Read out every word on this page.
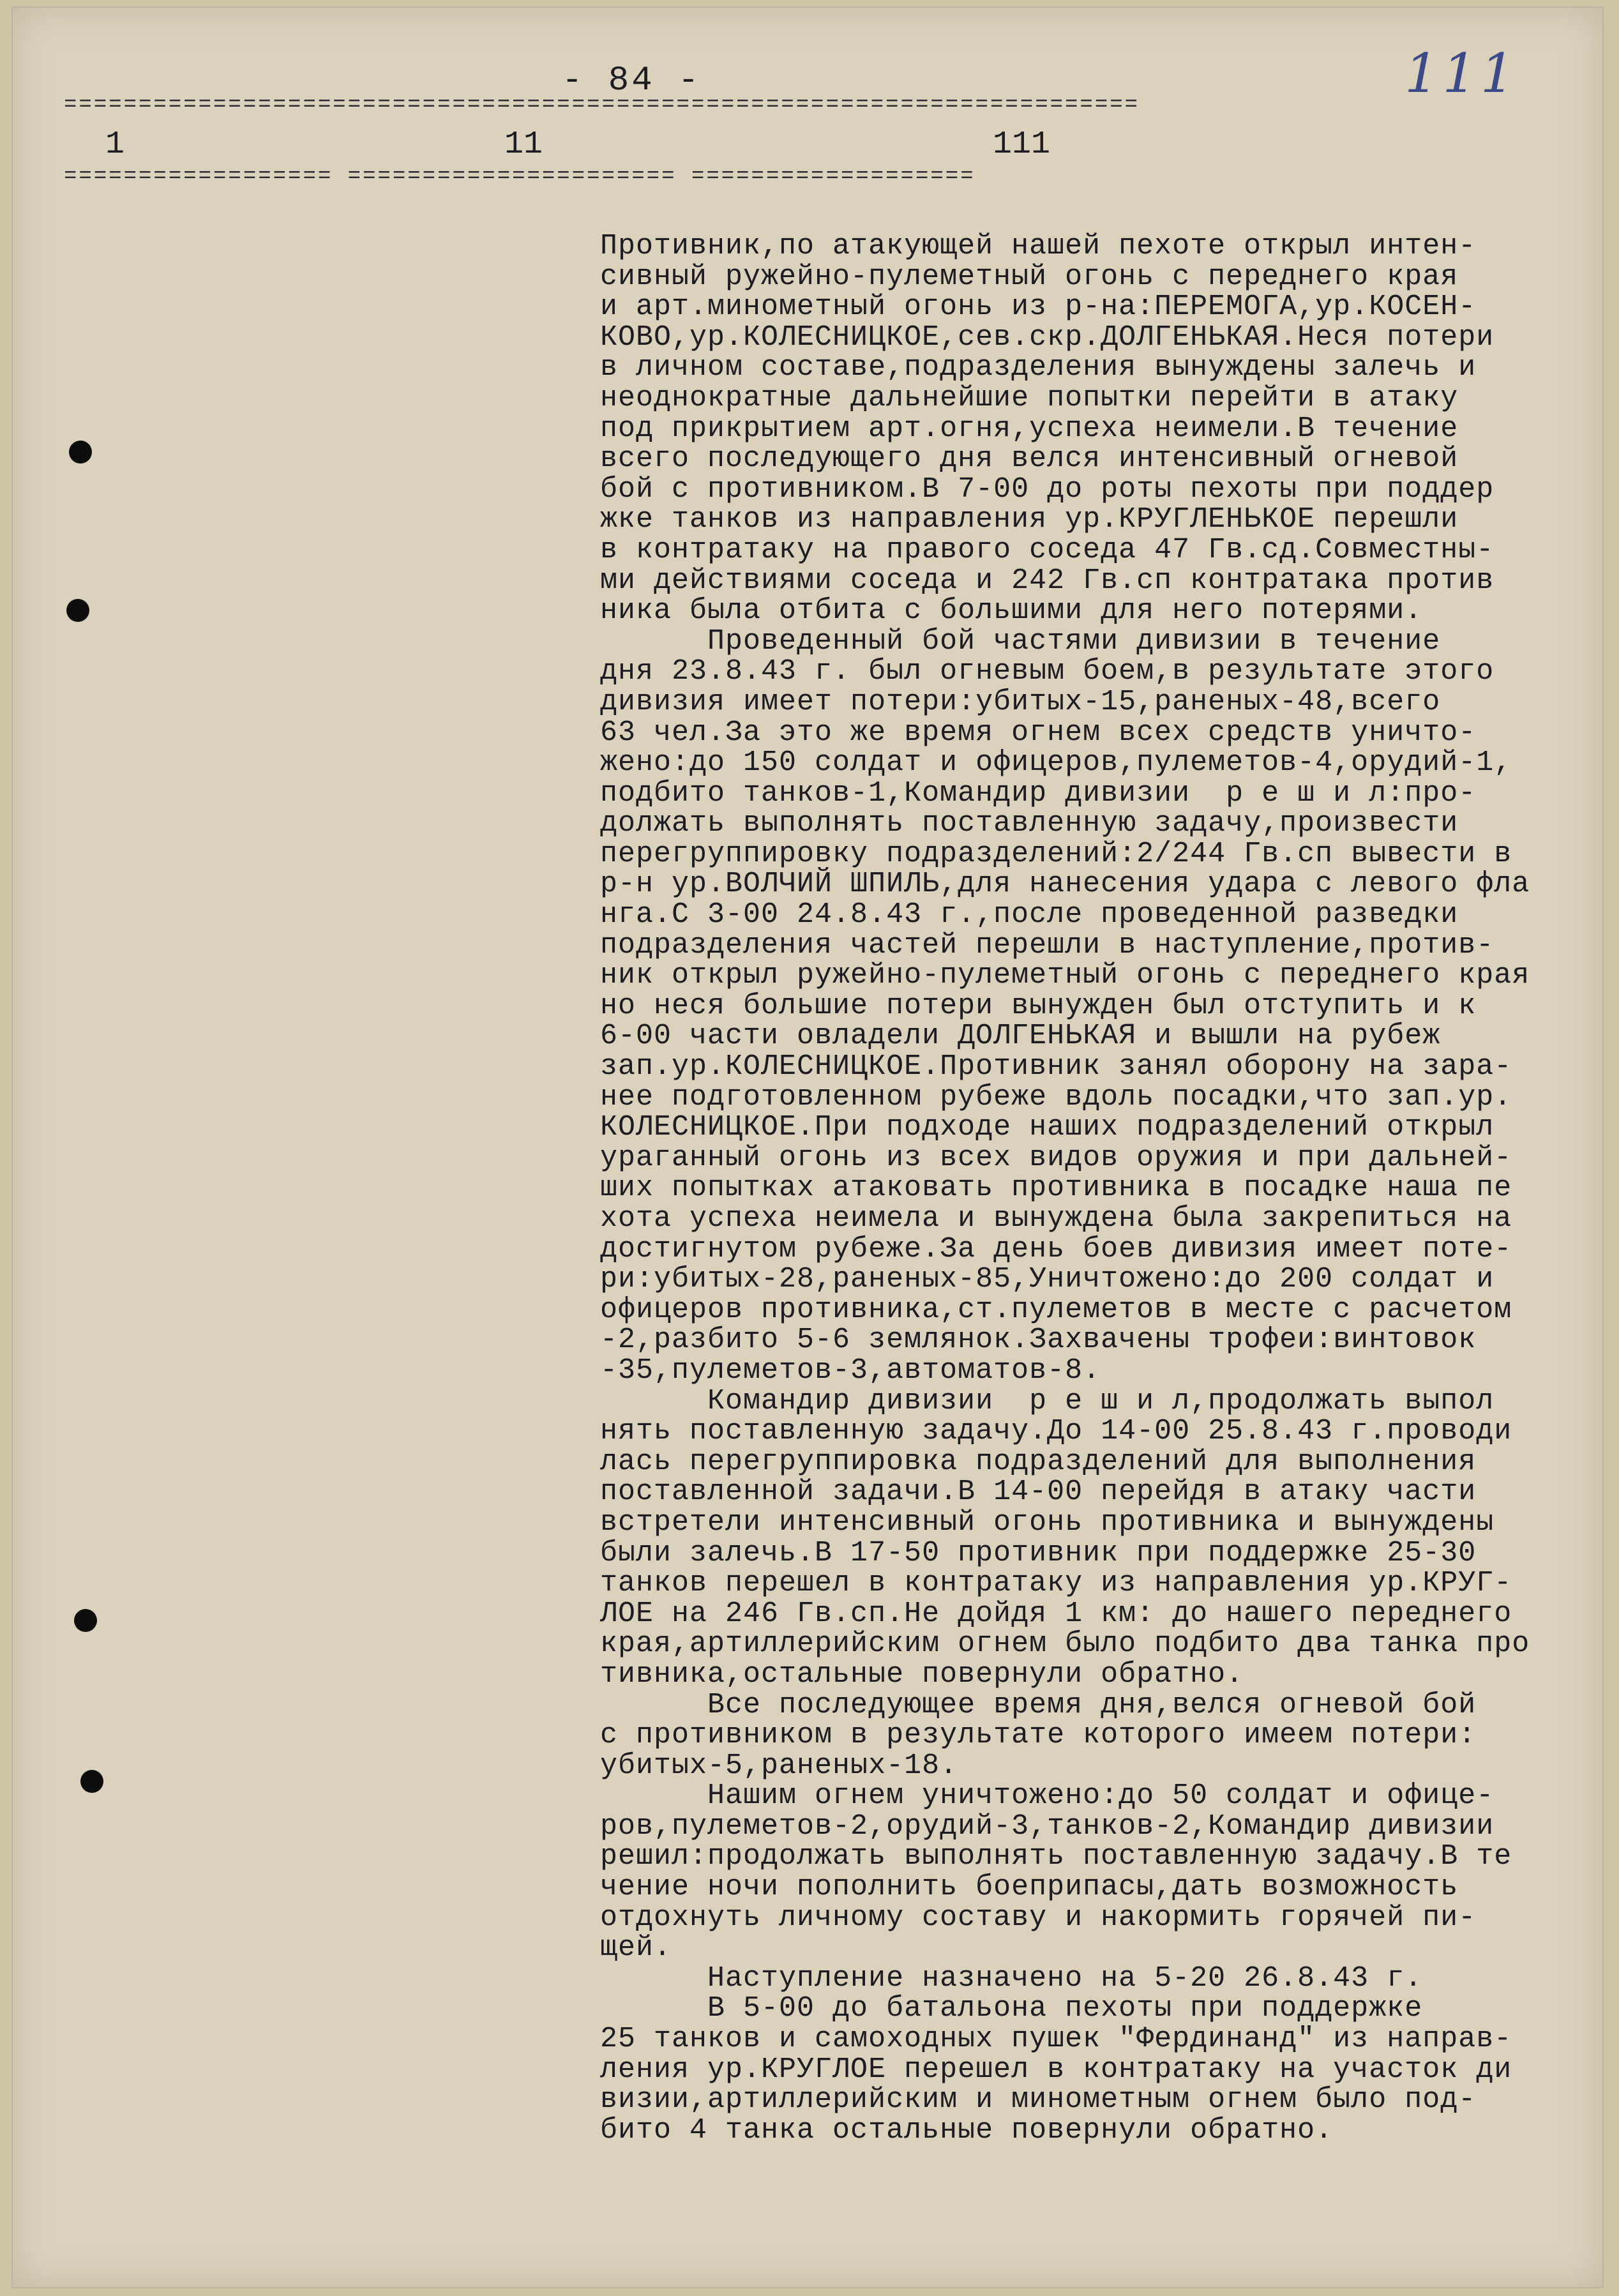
- 84 -	111
========================================================================
1	11	111
================== ====================== ===================
Противник,по атакующей нашей пехоте открыл интен-
сивный ружейно-пулеметный огонь с переднего края
и арт.минометный огонь из р-на:ПЕРЕМОГА,ур.КОСЕН-
КОВО,ур.КОЛЕСНИЦКОЕ,сев.скр.ДОЛГЕНЬКАЯ.Неся потери
в личном составе,подразделения вынуждены залечь и
неоднократные дальнейшие попытки перейти в атаку
под прикрытием арт.огня,успеха неимели.В течение
всего последующего дня велся интенсивный огневой
бой с противником.В 7-00 до роты пехоты при поддер
жке танков из направления ур.КРУГЛЕНЬКОЕ перешли
в контратаку на правого соседа 47 Гв.сд.Совместны-
ми действиями соседа и 242 Гв.сп контратака против
ника была отбита с большими для него потерями.
Проведенный бой частями дивизии в течение
дня 23.8.43 г. был огневым боем,в результате этого
дивизия имеет потери:убитых-15,раненых-48,всего
63 чел.За это же время огнем всех средств уничто-
жено:до 150 солдат и офицеров,пулеметов-4,орудий-1,
подбито танков-1,Командир дивизии  р е ш и л:про-
должать выполнять поставленную задачу,произвести
перегруппировку подразделений:2/244 Гв.сп вывести в
р-н ур.ВОЛЧИЙ ШПИЛЬ,для нанесения удара с левого фла
нга.С 3-00 24.8.43 г.,после проведенной разведки
подразделения частей перешли в наступление,против-
ник открыл ружейно-пулеметный огонь с переднего края
но неся большие потери вынужден был отступить и к
6-00 части овладели ДОЛГЕНЬКАЯ и вышли на рубеж
зап.ур.КОЛЕСНИЦКОЕ.Противник занял оборону на зара-
нее подготовленном рубеже вдоль посадки,что зап.ур.
КОЛЕСНИЦКОЕ.При подходе наших подразделений открыл
ураганный огонь из всех видов оружия и при дальней-
ших попытках атаковать противника в посадке наша пе
хота успеха неимела и вынуждена была закрепиться на
достигнутом рубеже.За день боев дивизия имеет поте-
ри:убитых-28,раненых-85,Уничтожено:до 200 солдат и
офицеров противника,ст.пулеметов в месте с расчетом
-2,разбито 5-6 землянок.Захвачены трофеи:винтовок
-35,пулеметов-3,автоматов-8.
Командир дивизии  р е ш и л,продолжать выпол
нять поставленную задачу.До 14-00 25.8.43 г.проводи
лась перегруппировка подразделений для выполнения
поставленной задачи.В 14-00 перейдя в атаку части
встретели интенсивный огонь противника и вынуждены
были залечь.В 17-50 противник при поддержке 25-30
танков перешел в контратаку из направления ур.КРУГ-
ЛОЕ на 246 Гв.сп.Не дойдя 1 км: до нашего переднего
края,артиллерийским огнем было подбито два танка про
тивника,остальные повернули обратно.
Все последующее время дня,велся огневой бой
с противником в результате которого имеем потери:
убитых-5,раненых-18.
Нашим огнем уничтожено:до 50 солдат и офице-
ров,пулеметов-2,орудий-3,танков-2,Командир дивизии
решил:продолжать выполнять поставленную задачу.В те
чение ночи пополнить боеприпасы,дать возможность
отдохнуть личному составу и накормить горячей пи-
щей.
Наступление назначено на 5-20 26.8.43 г.
В 5-00 до батальона пехоты при поддержке
25 танков и самоходных пушек "Фердинанд" из направ-
ления ур.КРУГЛОЕ перешел в контратаку на участок ди
визии,артиллерийским и минометным огнем было под-
бито 4 танка остальные повернули обратно.
